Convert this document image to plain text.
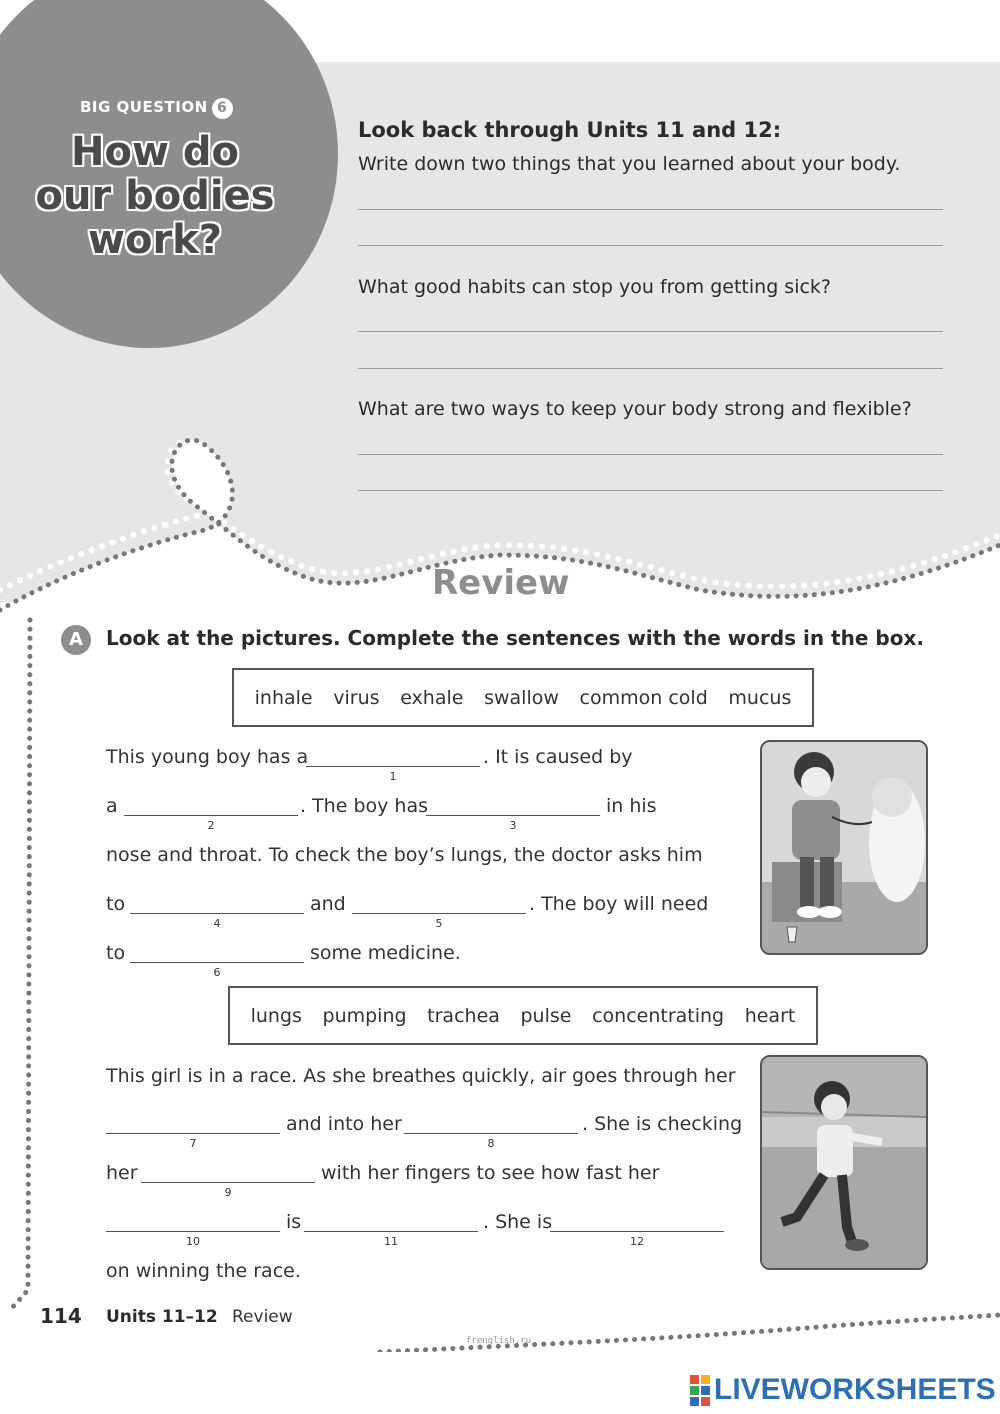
BIG QUESTION 6
How do
our bodies
work?
Look back through Units 11 and 12:
Write down two things that you learned about your body.
What good habits can stop you from getting sick?
What are two ways to keep your body strong and flexible?
Review
A	Look at the pictures. Complete the sentences with the words in the box.
inhale virus exhale swallow common cold mucus
This young boy has a
1
. It is caused by
a
2
. The boy has
3
in his
nose and throat. To check the boy’s lungs, the doctor asks him
to
4
and
5
. The boy will need
to
6
some medicine.
lungs pumping trachea pulse concentrating heart
This girl is in a race. As she breathes quickly, air goes through her
7
and into her
8
. She is checking
her
9
with her fingers to see how fast her
10
is
11
. She is
12
on winning the race.
114 Units 11–12 Review
frenglish.ru
LIVEWORKSHEETS
